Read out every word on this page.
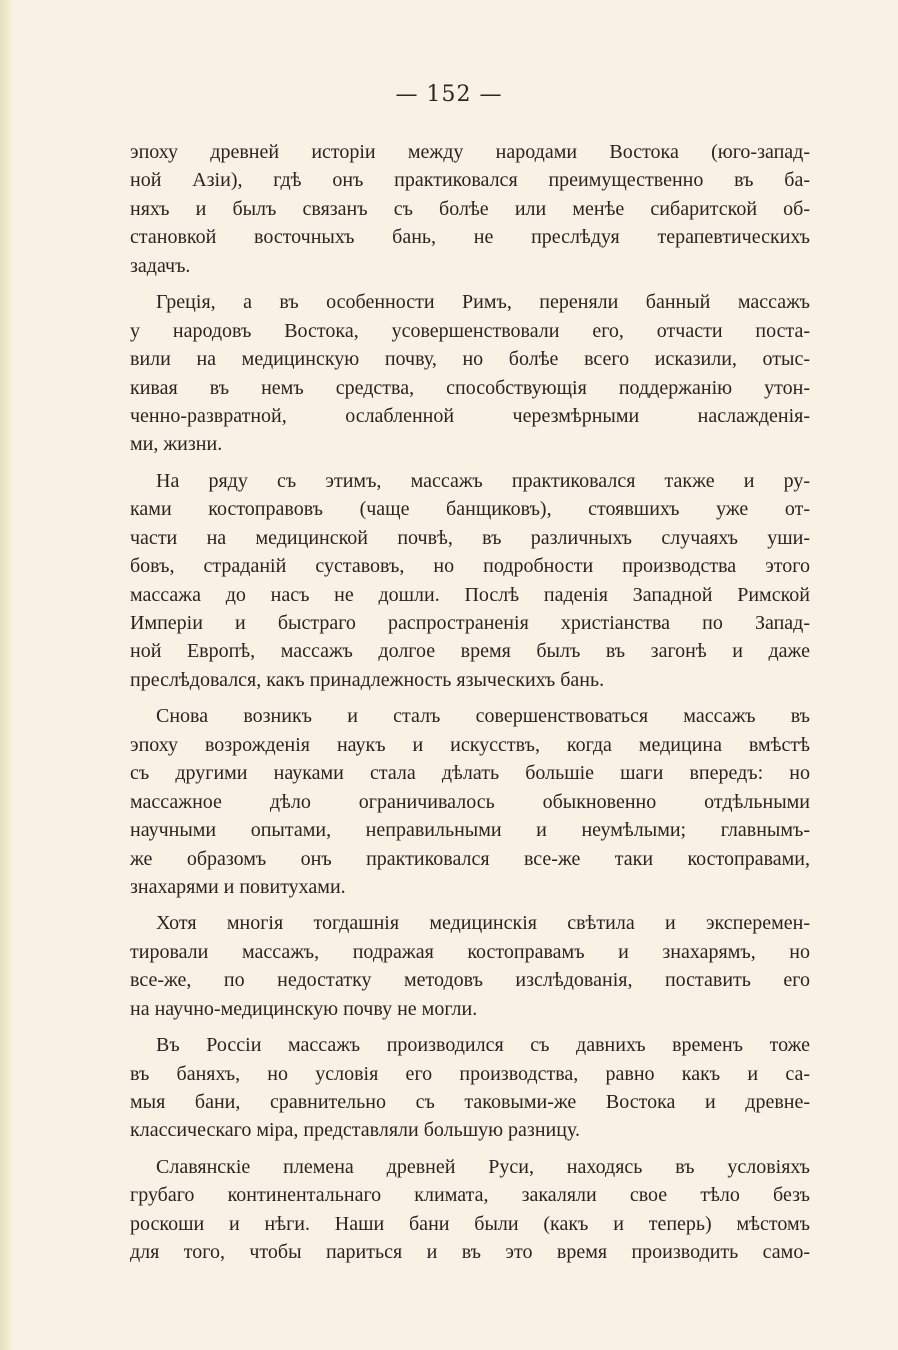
— 152 —
эпоху древней исторіи между народами Востока (юго-запад-
ной Азіи), гдѣ онъ практиковался преимущественно въ ба-
няхъ и былъ связанъ съ болѣе или менѣе сибаритской об-
становкой восточныхъ бань, не преслѣдуя терапевтическихъ
задачъ.
Греція, а въ особенности Римъ, переняли банный массажъ
у народовъ Востока, усовершенствовали его, отчасти поста-
вили на медицинскую почву, но болѣе всего исказили, отыс-
кивая въ немъ средства, способствующія поддержанію утон-
ченно-развратной, ослабленной черезмѣрными наслажденія-
ми, жизни.
На ряду съ этимъ, массажъ практиковался также и ру-
ками костоправовъ (чаще банщиковъ), стоявшихъ уже от-
части на медицинской почвѣ, въ различныхъ случаяхъ уши-
бовъ, страданій суставовъ, но подробности производства этого
массажа до насъ не дошли. Послѣ паденія Западной Римской
Имперіи и быстраго распространенія христіанства по Запад-
ной Европѣ, массажъ долгое время былъ въ загонѣ и даже
преслѣдовался, какъ принадлежность языческихъ бань.
Снова возникъ и сталъ совершенствоваться массажъ въ
эпоху возрожденія наукъ и искусствъ, когда медицина вмѣстѣ
съ другими науками стала дѣлать большіе шаги впередъ: но
массажное дѣло ограничивалось обыкновенно отдѣльными
научными опытами, неправильными и неумѣлыми; главнымъ-
же образомъ онъ практиковался все-же таки костоправами,
знахарями и повитухами.
Хотя многія тогдашнія медицинскія свѣтила и эксперемен-
тировали массажъ, подражая костоправамъ и знахарямъ, но
все-же, по недостатку методовъ изслѣдованія, поставить его
на научно-медицинскую почву не могли.
Въ Россіи массажъ производился съ давнихъ временъ тоже
въ баняхъ, но условія его производства, равно какъ и са-
мыя бани, сравнительно съ таковыми-же Востока и древне-
классическаго міра, представляли большую разницу.
Славянскіе племена древней Руси, находясь въ условіяхъ
грубаго континентальнаго климата, закаляли свое тѣло безъ
роскоши и нѣги. Наши бани были (какъ и теперь) мѣстомъ
для того, чтобы париться и въ это время производить само-
